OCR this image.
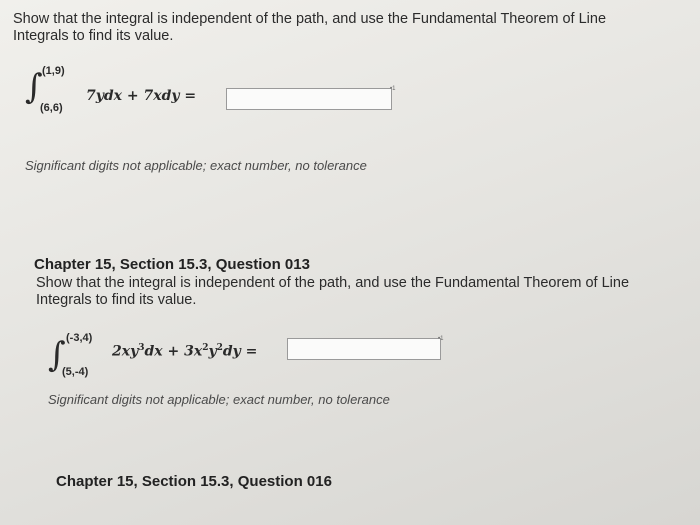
Show that the integral is independent of the path, and use the Fundamental Theorem of Line
Integrals to find its value.
∫ (1,9)
(6,6)
7ydx + 7xdy =	•1
Significant digits not applicable; exact number, no tolerance
Chapter 15, Section 15.3, Question 013
Show that the integral is independent of the path, and use the Fundamental Theorem of Line
Integrals to find its value.
∫ (-3,4)
(5,-4)
$2xy^3dx + 3x^2y^2dy$ =
•1
Significant digits not applicable; exact number, no tolerance
Chapter 15, Section 15.3, Question 016
